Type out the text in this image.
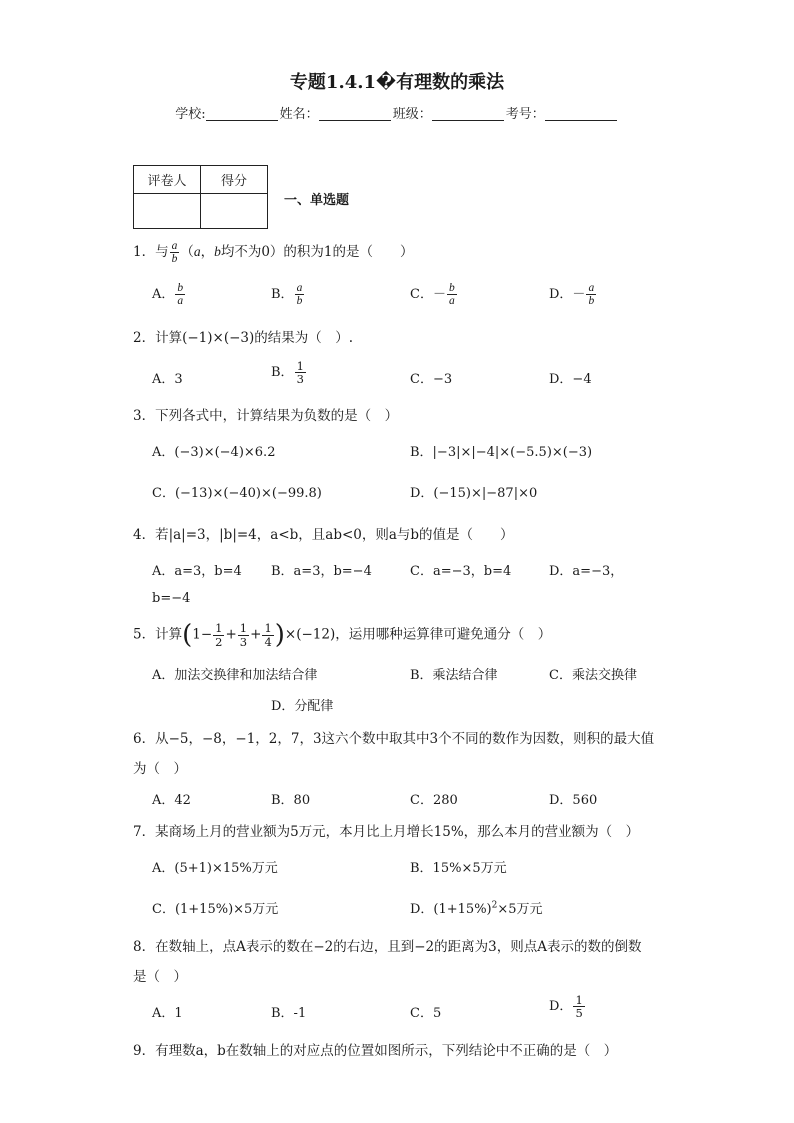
专题1.4.1�有理数的乘法
学校:	姓名：	班级：	考号：
评卷人	得分

一、单选题
1．与 $\frac{a}{b} (a$，b均不为0）的积为1的是（　　）
A． $\frac{b}{a}$	B． $\frac{a}{b}$	C．－ $\frac{b}{a}$	D．－ $\frac{a}{b}$
2．计算(−1)×(−3)的结果为（　）.
A．3	B． $\frac{1}{3}$	C．−3	D．−4
3．下列各式中，计算结果为负数的是（　）
A．(−3)×(−4)×6.2	B．|−3|×|−4|×(−5.5)×(−3)
C．(−13)×(−40)×(−99.8)	D．(−15)×|−87|×0
4．若|a|=3，|b|=4，a<b，且ab<0，则a与b的值是（　　）
A．a=3，b=4 B．a=3，b=−4	C．a=−3，b=4	D．a=−3，
b=−4
5．计算$(1- \frac{1}{2} + \frac{1}{3} + \frac{1}{4} )\times(-12)$，运用哪种运算律可避免通分（　）
A．加法交换律和加法结合律	B．乘法结合律	C．乘法交换律
D．分配律
6．从−5，−8，−1，2，7，3这六个数中取其中3个不同的数作为因数，则积的最大值
为（　）
A．42	B．80	C．280	D．560
7．某商场上月的营业额为5万元，本月比上月增长15%，那么本月的营业额为（　）
A．(5+1)×15%万元	B．15%×5万元
C．(1+15%)×5万元	D．$(1+15\%)^2\times 5$万元
8．在数轴上，点A表示的数在−2的右边，且到−2的距离为3，则点A表示的数的倒数
是（　）
A．1	B．-1	C．5	D． $\frac{1}{5}$
9．有理数a，b在数轴上的对应点的位置如图所示，下列结论中不正确的是（　）
